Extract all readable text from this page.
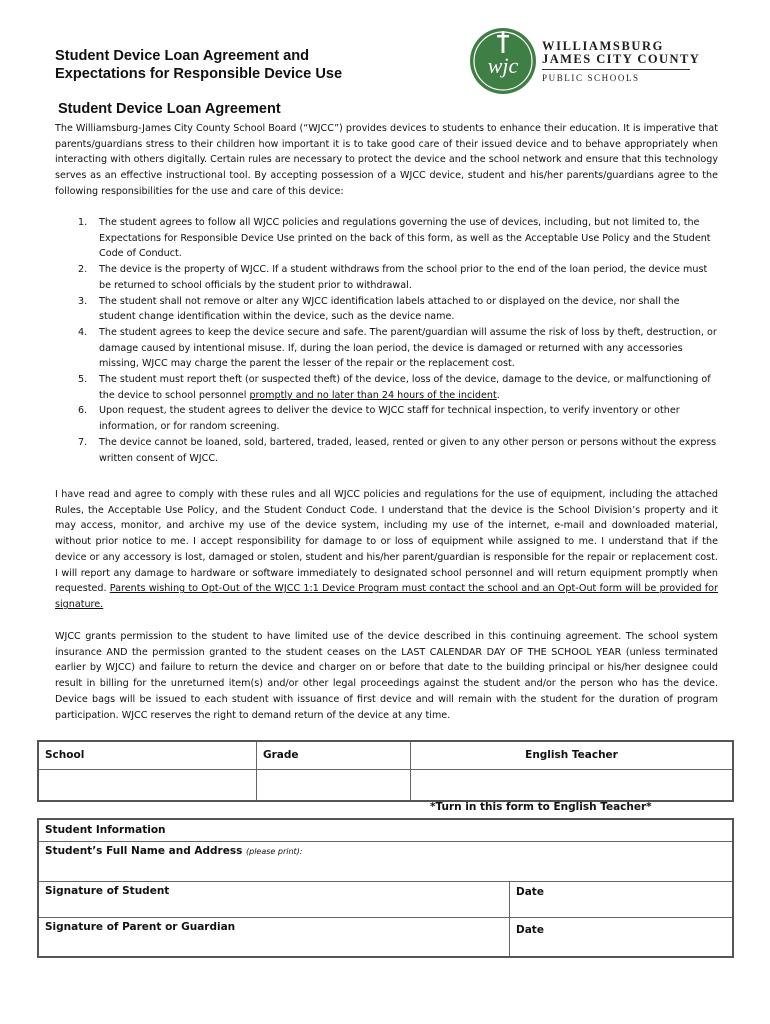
Student Device Loan Agreement and
Expectations for Responsible Device Use	wjc
WILLIAMSBURG
JAMES CITY COUNTY
PUBLIC SCHOOLS
Student Device Loan Agreement
The Williamsburg-James City County School Board (“WJCC”) provides devices to students to enhance their education. It is imperative that parents/guardians stress to their children how important it is to take good care of their issued device and to behave appropriately when interacting with others digitally. Certain rules are necessary to protect the device and the school network and ensure that this technology serves as an effective instructional tool. By accepting possession of a WJCC device, student and his/her parents/guardians agree to the following responsibilities for the use and care of this device:
1. The student agrees to follow all WJCC policies and regulations governing the use of devices, including, but not limited to, the Expectations for Responsible Device Use printed on the back of this form, as well as the Acceptable Use Policy and the Student Code of Conduct.
2. The device is the property of WJCC. If a student withdraws from the school prior to the end of the loan period, the device must be returned to school officials by the student prior to withdrawal.
3. The student shall not remove or alter any WJCC identification labels attached to or displayed on the device, nor shall the student change identification within the device, such as the device name.
4. The student agrees to keep the device secure and safe. The parent/guardian will assume the risk of loss by theft, destruction, or damage caused by intentional misuse. If, during the loan period, the device is damaged or returned with any accessories missing, WJCC may charge the parent the lesser of the repair or the replacement cost.
5. The student must report theft (or suspected theft) of the device, loss of the device, damage to the device, or malfunctioning of the device to school personnel promptly and no later than 24 hours of the incident.
6. Upon request, the student agrees to deliver the device to WJCC staff for technical inspection, to verify inventory or other information, or for random screening.
7. The device cannot be loaned, sold, bartered, traded, leased, rented or given to any other person or persons without the express written consent of WJCC.
I have read and agree to comply with these rules and all WJCC policies and regulations for the use of equipment, including the attached Rules, the Acceptable Use Policy, and the Student Conduct Code. I understand that the device is the School Division’s property and it may access, monitor, and archive my use of the device system, including my use of the internet, e-mail and downloaded material, without prior notice to me. I accept responsibility for damage to or loss of equipment while assigned to me. I understand that if the device or any accessory is lost, damaged or stolen, student and his/her parent/guardian is responsible for the repair or replacement cost. I will report any damage to hardware or software immediately to designated school personnel and will return equipment promptly when requested. Parents wishing to Opt-Out of the WJCC 1:1 Device Program must contact the school and an Opt-Out form will be provided for signature.
WJCC grants permission to the student to have limited use of the device described in this continuing agreement. The school system insurance AND the permission granted to the student ceases on the LAST CALENDAR DAY OF THE SCHOOL YEAR (unless terminated earlier by WJCC) and failure to return the device and charger on or before that date to the building principal or his/her designee could result in billing for the unreturned item(s) and/or other legal proceedings against the student and/or the person who has the device. Device bags will be issued to each student with issuance of first device and will remain with the student for the duration of program participation. WJCC reserves the right to demand return of the device at any time.
School	Grade	English Teacher

*Turn in this form to English Teacher*
Student Information	
Student’s Full Name and Address (please print):	
Signature of Student	Date
Signature of Parent or Guardian	Date
